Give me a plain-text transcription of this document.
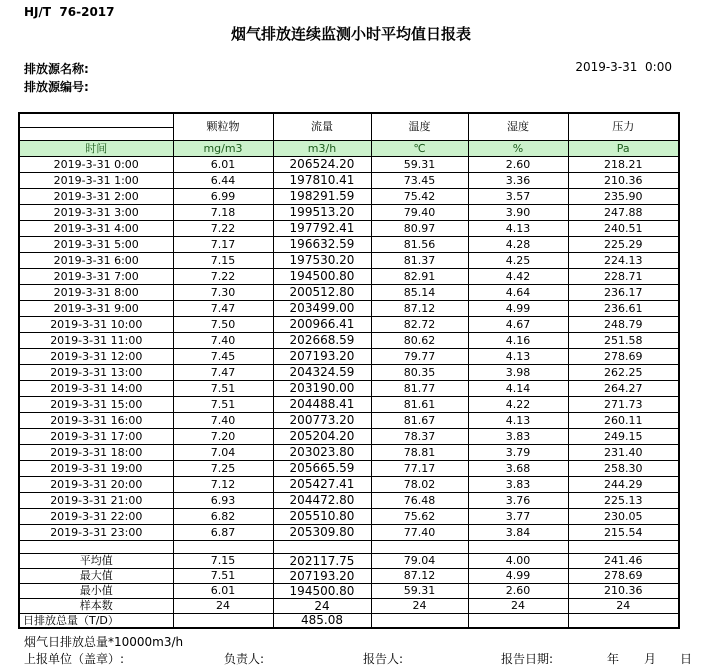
HJ/T  76-2017
烟气排放连续监测小时平均值日报表
排放源名称:
排放源编号:
2019-3-31  0:00
	颗粒物	流量	温度	湿度	压力

时间	mg/m3	m3/h	℃	%	Pa
2019-3-31 0:00	6.01	206524.20	59.31	2.60	218.21
2019-3-31 1:00	6.44	197810.41	73.45	3.36	210.36
2019-3-31 2:00	6.99	198291.59	75.42	3.57	235.90
2019-3-31 3:00	7.18	199513.20	79.40	3.90	247.88
2019-3-31 4:00	7.22	197792.41	80.97	4.13	240.51
2019-3-31 5:00	7.17	196632.59	81.56	4.28	225.29
2019-3-31 6:00	7.15	197530.20	81.37	4.25	224.13
2019-3-31 7:00	7.22	194500.80	82.91	4.42	228.71
2019-3-31 8:00	7.30	200512.80	85.14	4.64	236.17
2019-3-31 9:00	7.47	203499.00	87.12	4.99	236.61
2019-3-31 10:00	7.50	200966.41	82.72	4.67	248.79
2019-3-31 11:00	7.40	202668.59	80.62	4.16	251.58
2019-3-31 12:00	7.45	207193.20	79.77	4.13	278.69
2019-3-31 13:00	7.47	204324.59	80.35	3.98	262.25
2019-3-31 14:00	7.51	203190.00	81.77	4.14	264.27
2019-3-31 15:00	7.51	204488.41	81.61	4.22	271.73
2019-3-31 16:00	7.40	200773.20	81.67	4.13	260.11
2019-3-31 17:00	7.20	205204.20	78.37	3.83	249.15
2019-3-31 18:00	7.04	203023.80	78.81	3.79	231.40
2019-3-31 19:00	7.25	205665.59	77.17	3.68	258.30
2019-3-31 20:00	7.12	205427.41	78.02	3.83	244.29
2019-3-31 21:00	6.93	204472.80	76.48	3.76	225.13
2019-3-31 22:00	6.82	205510.80	75.62	3.77	230.05
2019-3-31 23:00	6.87	205309.80	77.40	3.84	215.54

平均值	7.15	202117.75	79.04	4.00	241.46
最大值	7.51	207193.20	87.12	4.99	278.69
最小值	6.01	194500.80	59.31	2.60	210.36
样本数	24	24	24	24	24
日排放总量（T/D）		485.08			
烟气日排放总量*10000m3/h
上报单位（盖章）:	负责人:	报告人:	报告日期:	年 月 日
